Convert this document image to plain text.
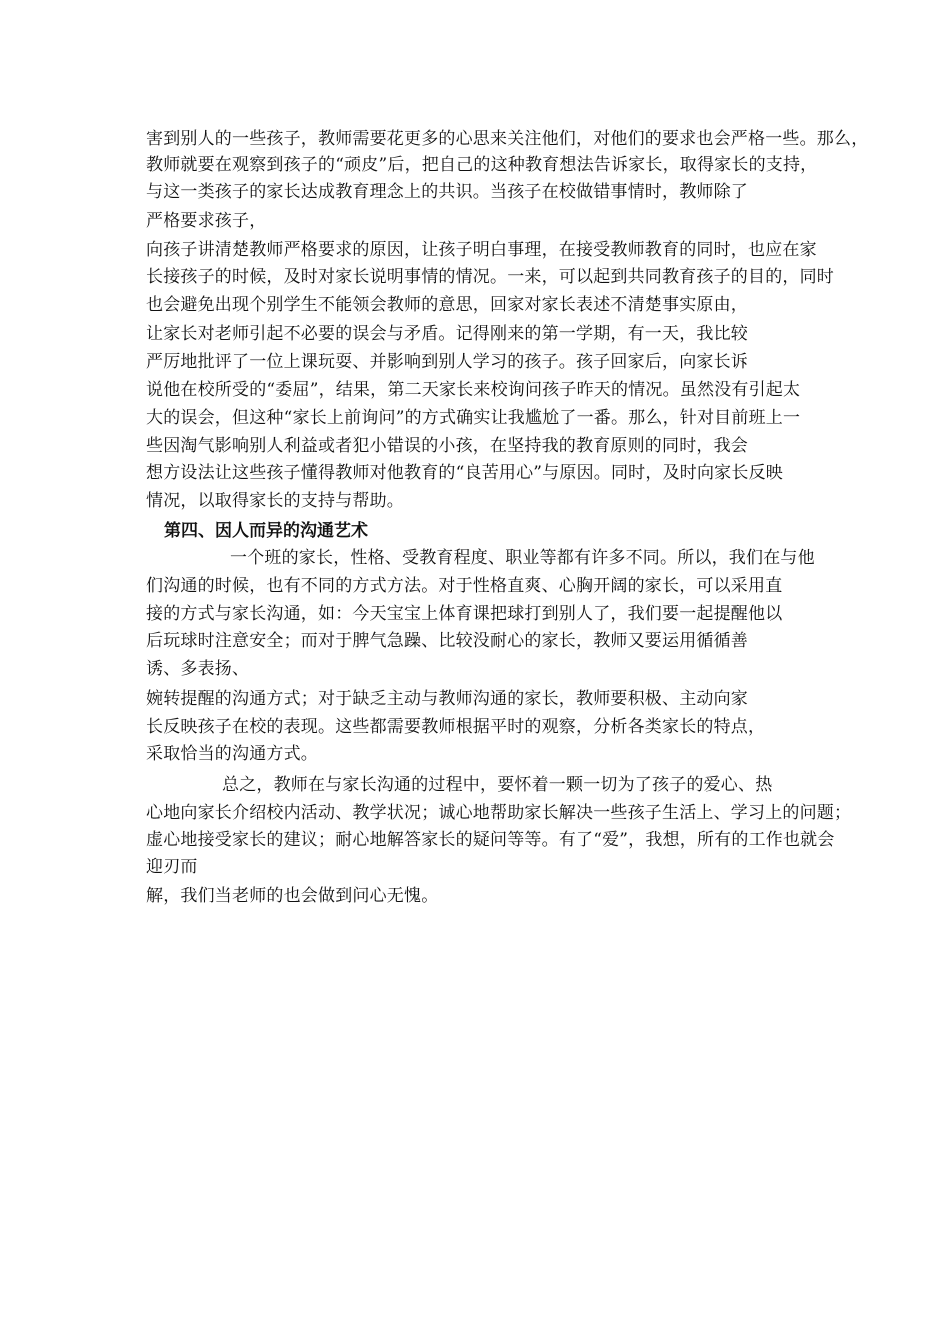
害到别人的一些孩子，教师需要花更多的心思来关注他们，对他们的要求也会严格一些。那么，
教师就要在观察到孩子的“顽皮”后，把自己的这种教育想法告诉家长，取得家长的支持，
与这一类孩子的家长达成教育理念上的共识。当孩子在校做错事情时，教师除了
严格要求孩子，
向孩子讲清楚教师严格要求的原因，让孩子明白事理，在接受教师教育的同时，也应在家
长接孩子的时候，及时对家长说明事情的情况。一来，可以起到共同教育孩子的目的，同时
也会避免出现个别学生不能领会教师的意思，回家对家长表述不清楚事实原由，
让家长对老师引起不必要的误会与矛盾。记得刚来的第一学期，有一天，我比较
严厉地批评了一位上课玩耍、并影响到别人学习的孩子。孩子回家后，向家长诉
说他在校所受的“委屈”，结果，第二天家长来校询问孩子昨天的情况。虽然没有引起太
大的误会，但这种“家长上前询问”的方式确实让我尴尬了一番。那么，针对目前班上一
些因淘气影响别人利益或者犯小错误的小孩，在坚持我的教育原则的同时，我会
想方设法让这些孩子懂得教师对他教育的“良苦用心”与原因。同时，及时向家长反映
情况，以取得家长的支持与帮助。
第四、因人而异的沟通艺术
一个班的家长，性格、受教育程度、职业等都有许多不同。所以，我们在与他
们沟通的时候，也有不同的方式方法。对于性格直爽、心胸开阔的家长，可以采用直
接的方式与家长沟通，如：今天宝宝上体育课把球打到别人了，我们要一起提醒他以
后玩球时注意安全；而对于脾气急躁、比较没耐心的家长，教师又要运用循循善
诱、多表扬、
婉转提醒的沟通方式；对于缺乏主动与教师沟通的家长，教师要积极、主动向家
长反映孩子在校的表现。这些都需要教师根据平时的观察，分析各类家长的特点，
采取恰当的沟通方式。
总之，教师在与家长沟通的过程中，要怀着一颗一切为了孩子的爱心、热
心地向家长介绍校内活动、教学状况；诚心地帮助家长解决一些孩子生活上、学习上的问题；
虚心地接受家长的建议；耐心地解答家长的疑问等等。有了“爱”，我想，所有的工作也就会
迎刃而
解，我们当老师的也会做到问心无愧。
